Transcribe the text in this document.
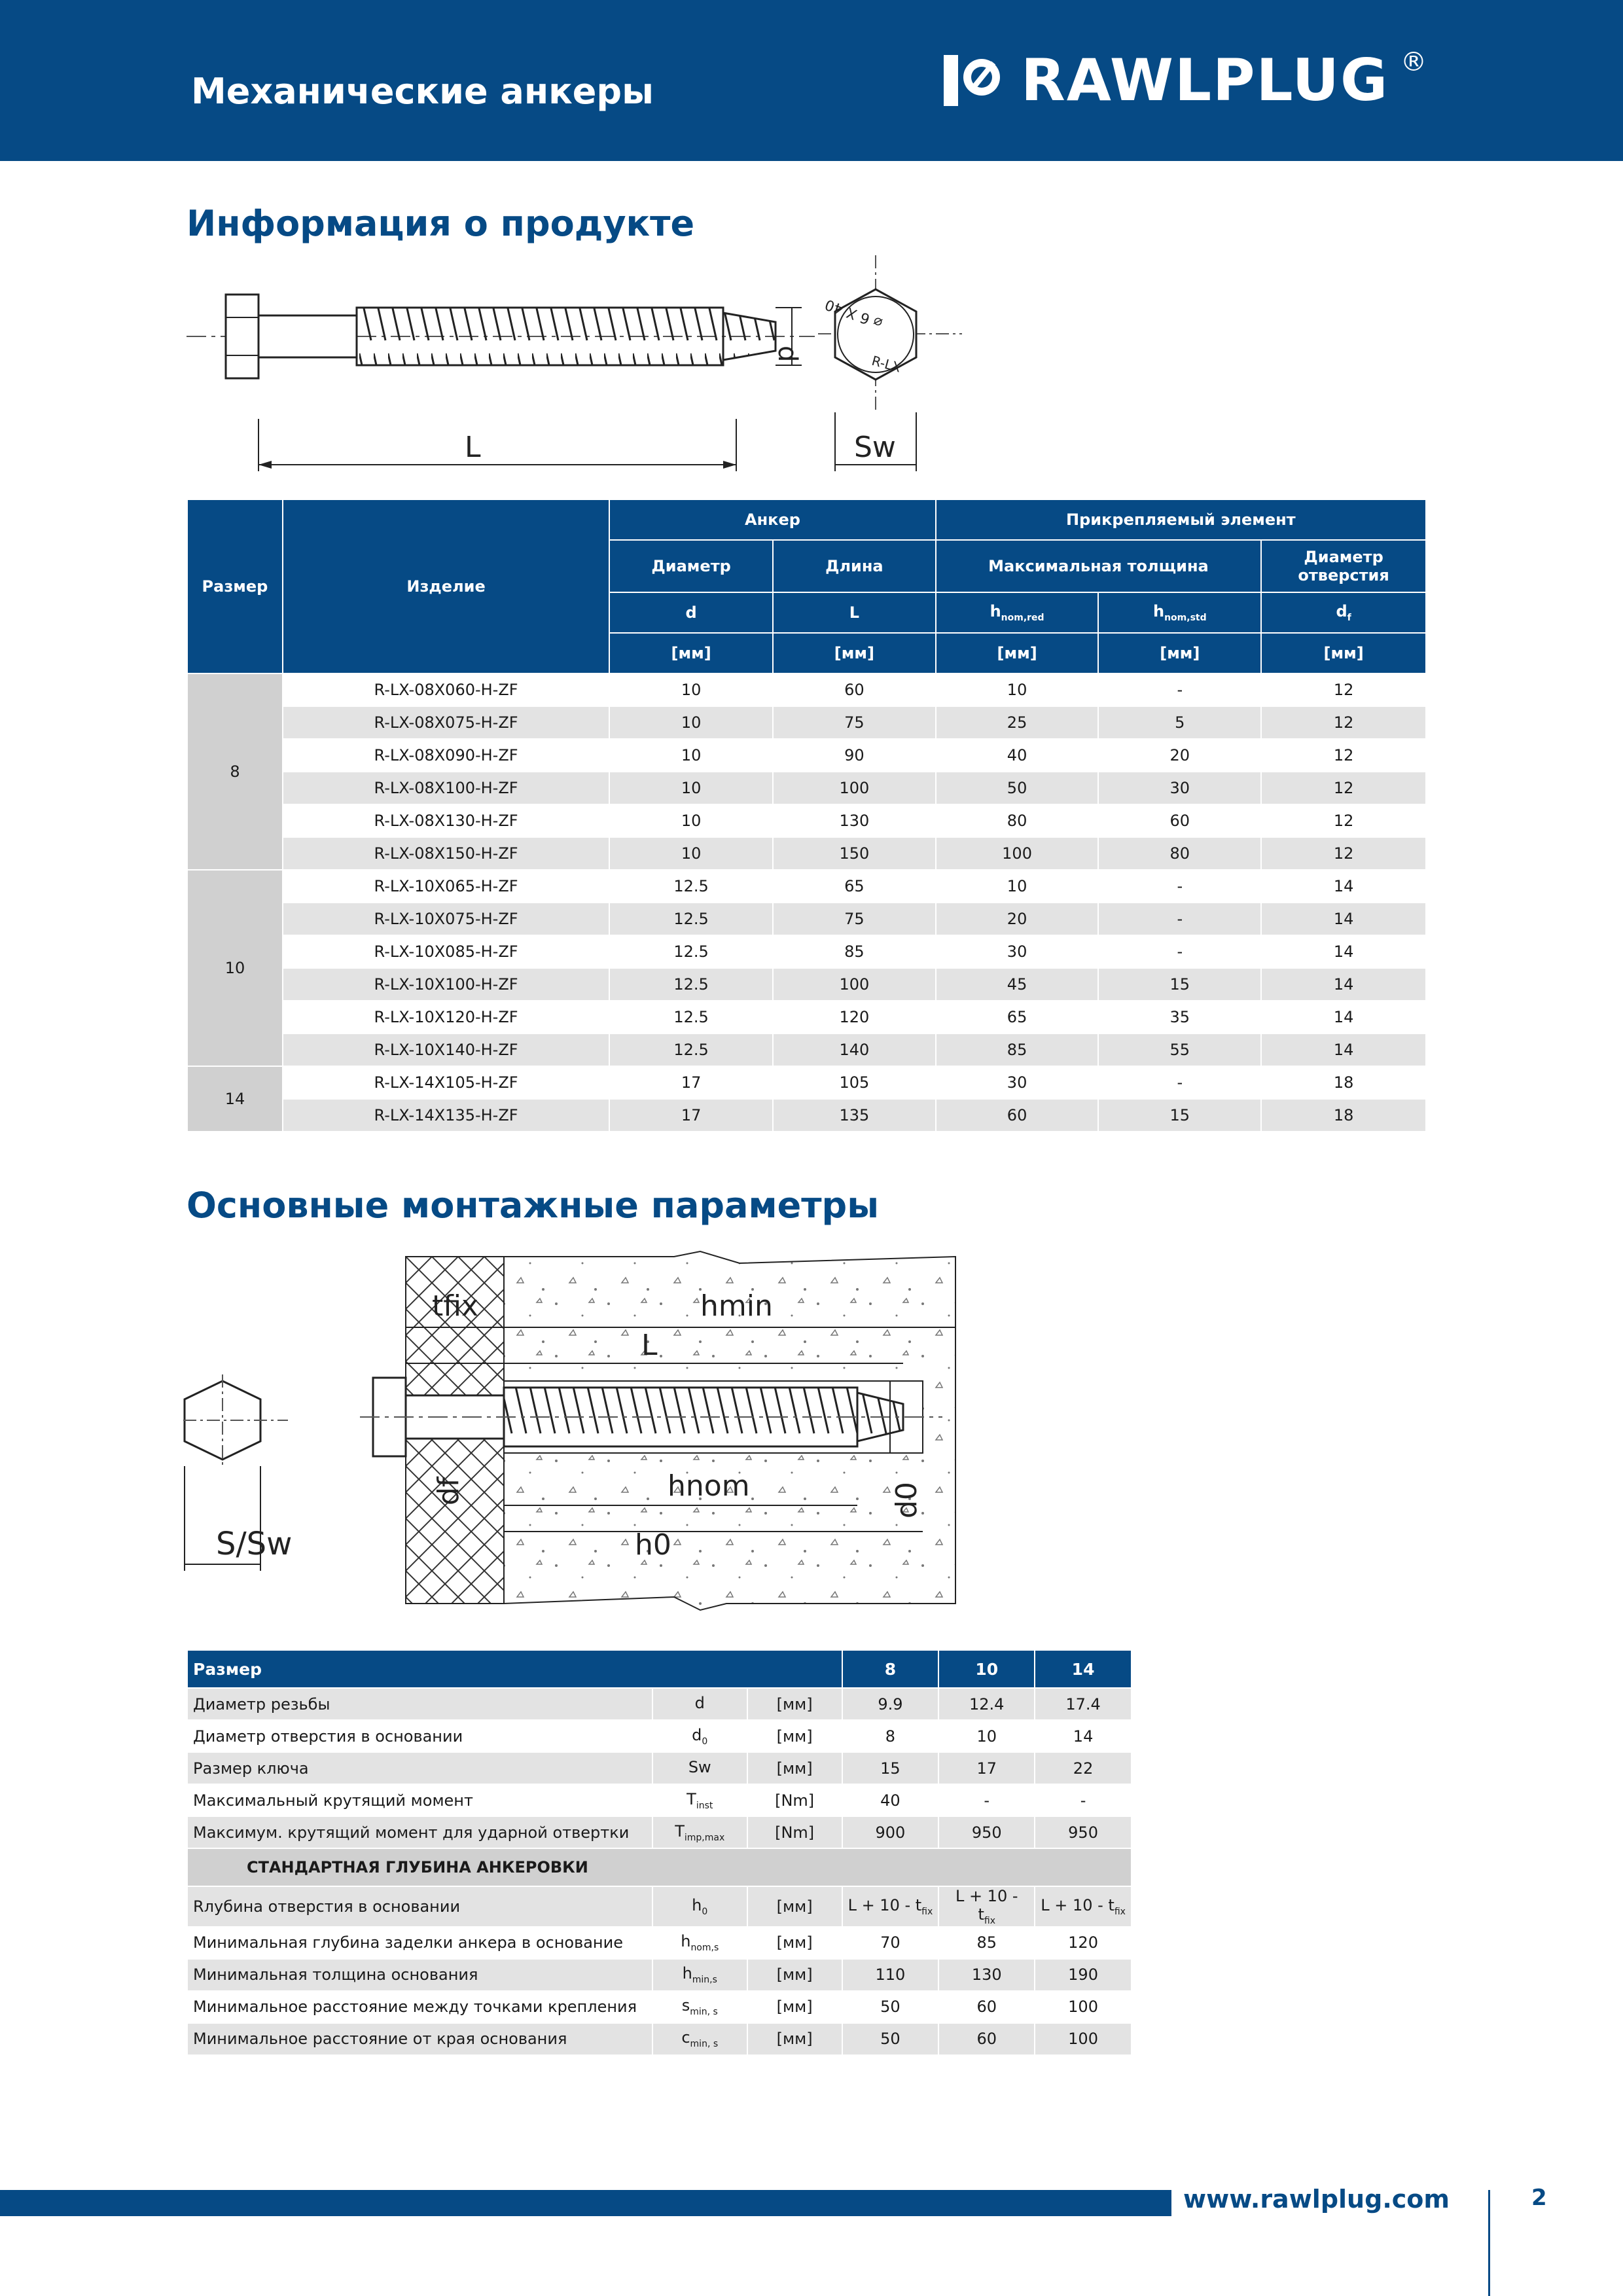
Механические анкеры	RAWLPLUG ®
Информация о продукте
d
L
⌀ 6 X 40
R-LX
Sw
Размер	Изделие	Анкер		Прикрепляемый элемент		
		Диаметр	Длина	Максимальная толщина		Диаметр отверстия
		d	L	$h_{nom,red}$	$h_{nom,std}$	$d_f$
		[мм]	[мм]	[мм]	[мм]	[мм]
8	R-LX-08X060-H-ZF	10	60	10	-	12
	R-LX-08X075-H-ZF	10	75	25	5	12
	R-LX-08X090-H-ZF	10	90	40	20	12
	R-LX-08X100-H-ZF	10	100	50	30	12
	R-LX-08X130-H-ZF	10	130	80	60	12
	R-LX-08X150-H-ZF	10	150	100	80	12
10	R-LX-10X065-H-ZF	12.5	65	10	-	14
	R-LX-10X075-H-ZF	12.5	75	20	-	14
	R-LX-10X085-H-ZF	12.5	85	30	-	14
	R-LX-10X100-H-ZF	12.5	100	45	15	14
	R-LX-10X120-H-ZF	12.5	120	65	35	14
	R-LX-10X140-H-ZF	12.5	140	85	55	14
14	R-LX-14X105-H-ZF	17	105	30	-	18
	R-LX-14X135-H-ZF	17	135	60	15	18
Основные монтажные параметры
S/Sw
tfix	hmin
L
hnom
h0
df	d0
Размер			8	10	14
Диаметр резьбы	d	[мм]	9.9	12.4	17.4
Диаметр отверстия в основании	$d_0$	[мм]	8	10	14
Размер ключа	Sw	[мм]	15	17	22
Максимальный крутящий момент	$T_{inst}$	[Nm]	40	-	-
Максимум. крутящий момент для ударной отвертки	$T_{imp,max}$	[Nm]	900	950	950
СТАНДАРТНАЯ ГЛУБИНА АНКЕРОВКИ					
Rлубина отверстия в основании	$h_0$	[мм]	$L + 10 - t_{fix}$	$L + 10 - t_{fix}$	$L + 10 - t_{fix}$
Минимальная глубина заделки анкера в основание	$h_{nom,s}$	[мм]	70	85	120
Минимальная толщина основания	$h_{min,s}$	[мм]	110	130	190
Минимальное расстояние между точками крепления	$s_{min, s}$	[мм]	50	60	100
Минимальное расстояние от края основания	$c_{min, s}$	[мм]	50	60	100
www.rawlplug.com	2
